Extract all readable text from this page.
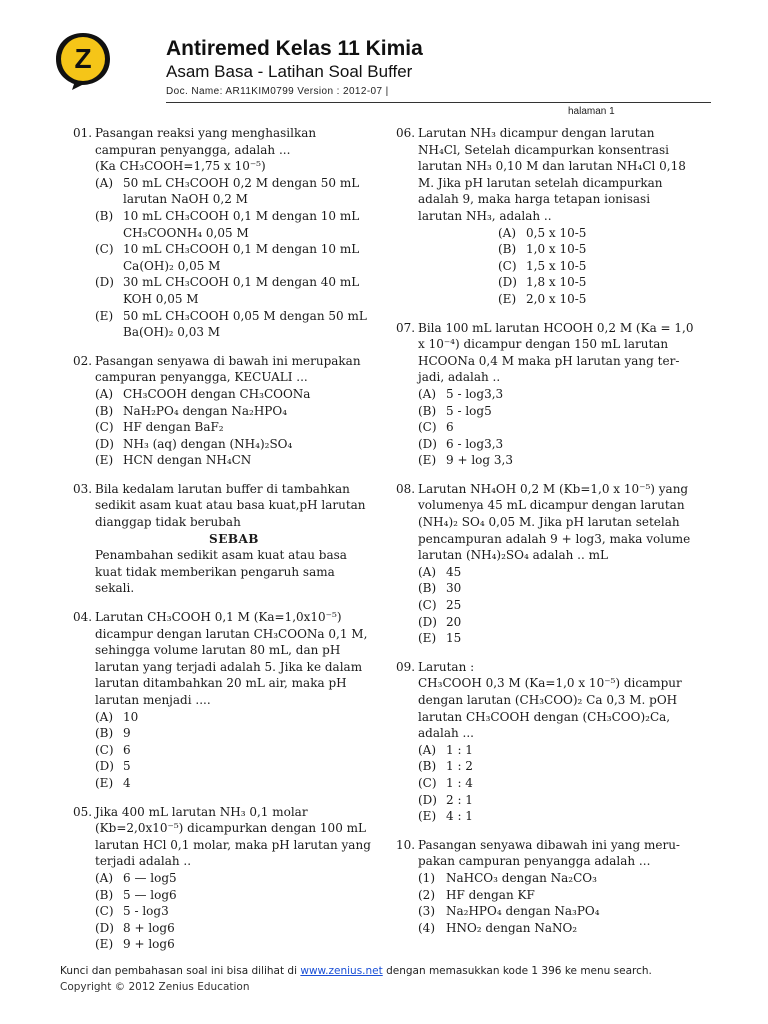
Z	Antiremed Kelas 11 Kimia
Asam Basa - Latihan Soal Buffer
Doc. Name: AR11KIM0799 Version : 2012-07 |
halaman 1
01. Pasangan reaksi yang menghasilkan campuran penyangga, adalah ...

(Ka CH₃COOH=1,75 x 10⁻⁵)

(A) 50 mL CH₃COOH 0,2 M dengan 50 mL larutan NaOH 0,2 M
(B) 10 mL CH₃COOH 0,1 M dengan 10 mL CH₃COONH₄ 0,05 M
(C) 10 mL CH₃COOH 0,1 M dengan 10 mL Ca(OH)₂ 0,05 M
(D) 30 mL CH₃COOH 0,1 M dengan 40 mL KOH 0,05 M
(E) 50 mL CH₃COOH 0,05 M dengan 50 mL Ba(OH)₂ 0,03 M
02. Pasangan senyawa di bawah ini merupakan campuran penyangga, KECUALI ...

(A) CH₃COOH dengan CH₃COONa
(B) NaH₂PO₄ dengan Na₂HPO₄
(C) HF dengan BaF₂
(D) NH₃ (aq) dengan (NH₄)₂SO₄
(E) HCN dengan NH₄CN
03. Bila kedalam larutan buffer di tambahkan sedikit asam kuat atau basa kuat,pH larutan dianggap tidak berubah

SEBAB

Penambahan sedikit asam kuat atau basa kuat tidak memberikan pengaruh sama sekali.

04. Larutan CH₃COOH 0,1 M (Ka=1,0x10⁻⁵) dicampur dengan larutan CH₃COONa 0,1 M, sehingga volume larutan 80 mL, dan pH larutan yang terjadi adalah 5. Jika ke dalam larutan ditambahkan 20 mL air, maka pH larutan menjadi ....

(A) 10
(B) 9
(C) 6
(D) 5
(E) 4
05. Jika 400 mL larutan NH₃ 0,1 molar (Kb=2,0x10⁻⁵) dicampurkan dengan 100 mL larutan HCl 0,1 molar, maka pH larutan yang terjadi adalah ..

(A) 6 — log5
(B) 5 — log6
(C) 5 - log3
(D) 8 + log6
(E) 9 + log6
06. Larutan NH₃ dicampur dengan larutan NH₄Cl, Setelah dicampurkan konsentrasi larutan NH₃ 0,10 M dan larutan NH₄Cl 0,18 M. Jika pH larutan setelah dicampurkan adalah 9, maka harga tetapan ionisasi larutan NH₃, adalah ..

(A) 0,5 x 10-5
(B) 1,0 x 10-5
(C) 1,5 x 10-5
(D) 1,8 x 10-5
(E) 2,0 x 10-5
07. Bila 100 mL larutan HCOOH 0,2 M (Ka = 1,0 x 10⁻⁴) dicampur dengan 150 mL larutan HCOONa 0,4 M maka pH larutan yang ter-jadi, adalah ..

(A) 5 - log3,3
(B) 5 - log5
(C) 6
(D) 6 - log3,3
(E) 9 + log 3,3
08. Larutan NH₄OH 0,2 M (Kb=1,0 x 10⁻⁵) yang volumenya 45 mL dicampur dengan larutan (NH₄)₂ SO₄ 0,05 M. Jika pH larutan setelah pencampuran adalah 9 + log3, maka volume larutan (NH₄)₂SO₄ adalah .. mL

(A) 45
(B) 30
(C) 25
(D) 20
(E) 15
09. Larutan :

CH₃COOH 0,3 M (Ka=1,0 x 10⁻⁵) dicampur dengan larutan (CH₃COO)₂ Ca 0,3 M. pOH larutan CH₃COOH dengan (CH₃COO)₂Ca, adalah ...

(A) 1 : 1
(B) 1 : 2
(C) 1 : 4
(D) 2 : 1
(E) 4 : 1
10. Pasangan senyawa dibawah ini yang meru-pakan campuran penyangga adalah ...

(1) NaHCO₃ dengan Na₂CO₃
(2) HF dengan KF
(3) Na₂HPO₄ dengan Na₃PO₄
(4) HNO₂ dengan NaNO₂
Kunci dan pembahasan soal ini bisa dilihat di www.zenius.net dengan memasukkan kode 1 396 ke menu search.
Copyright © 2012 Zenius Education
